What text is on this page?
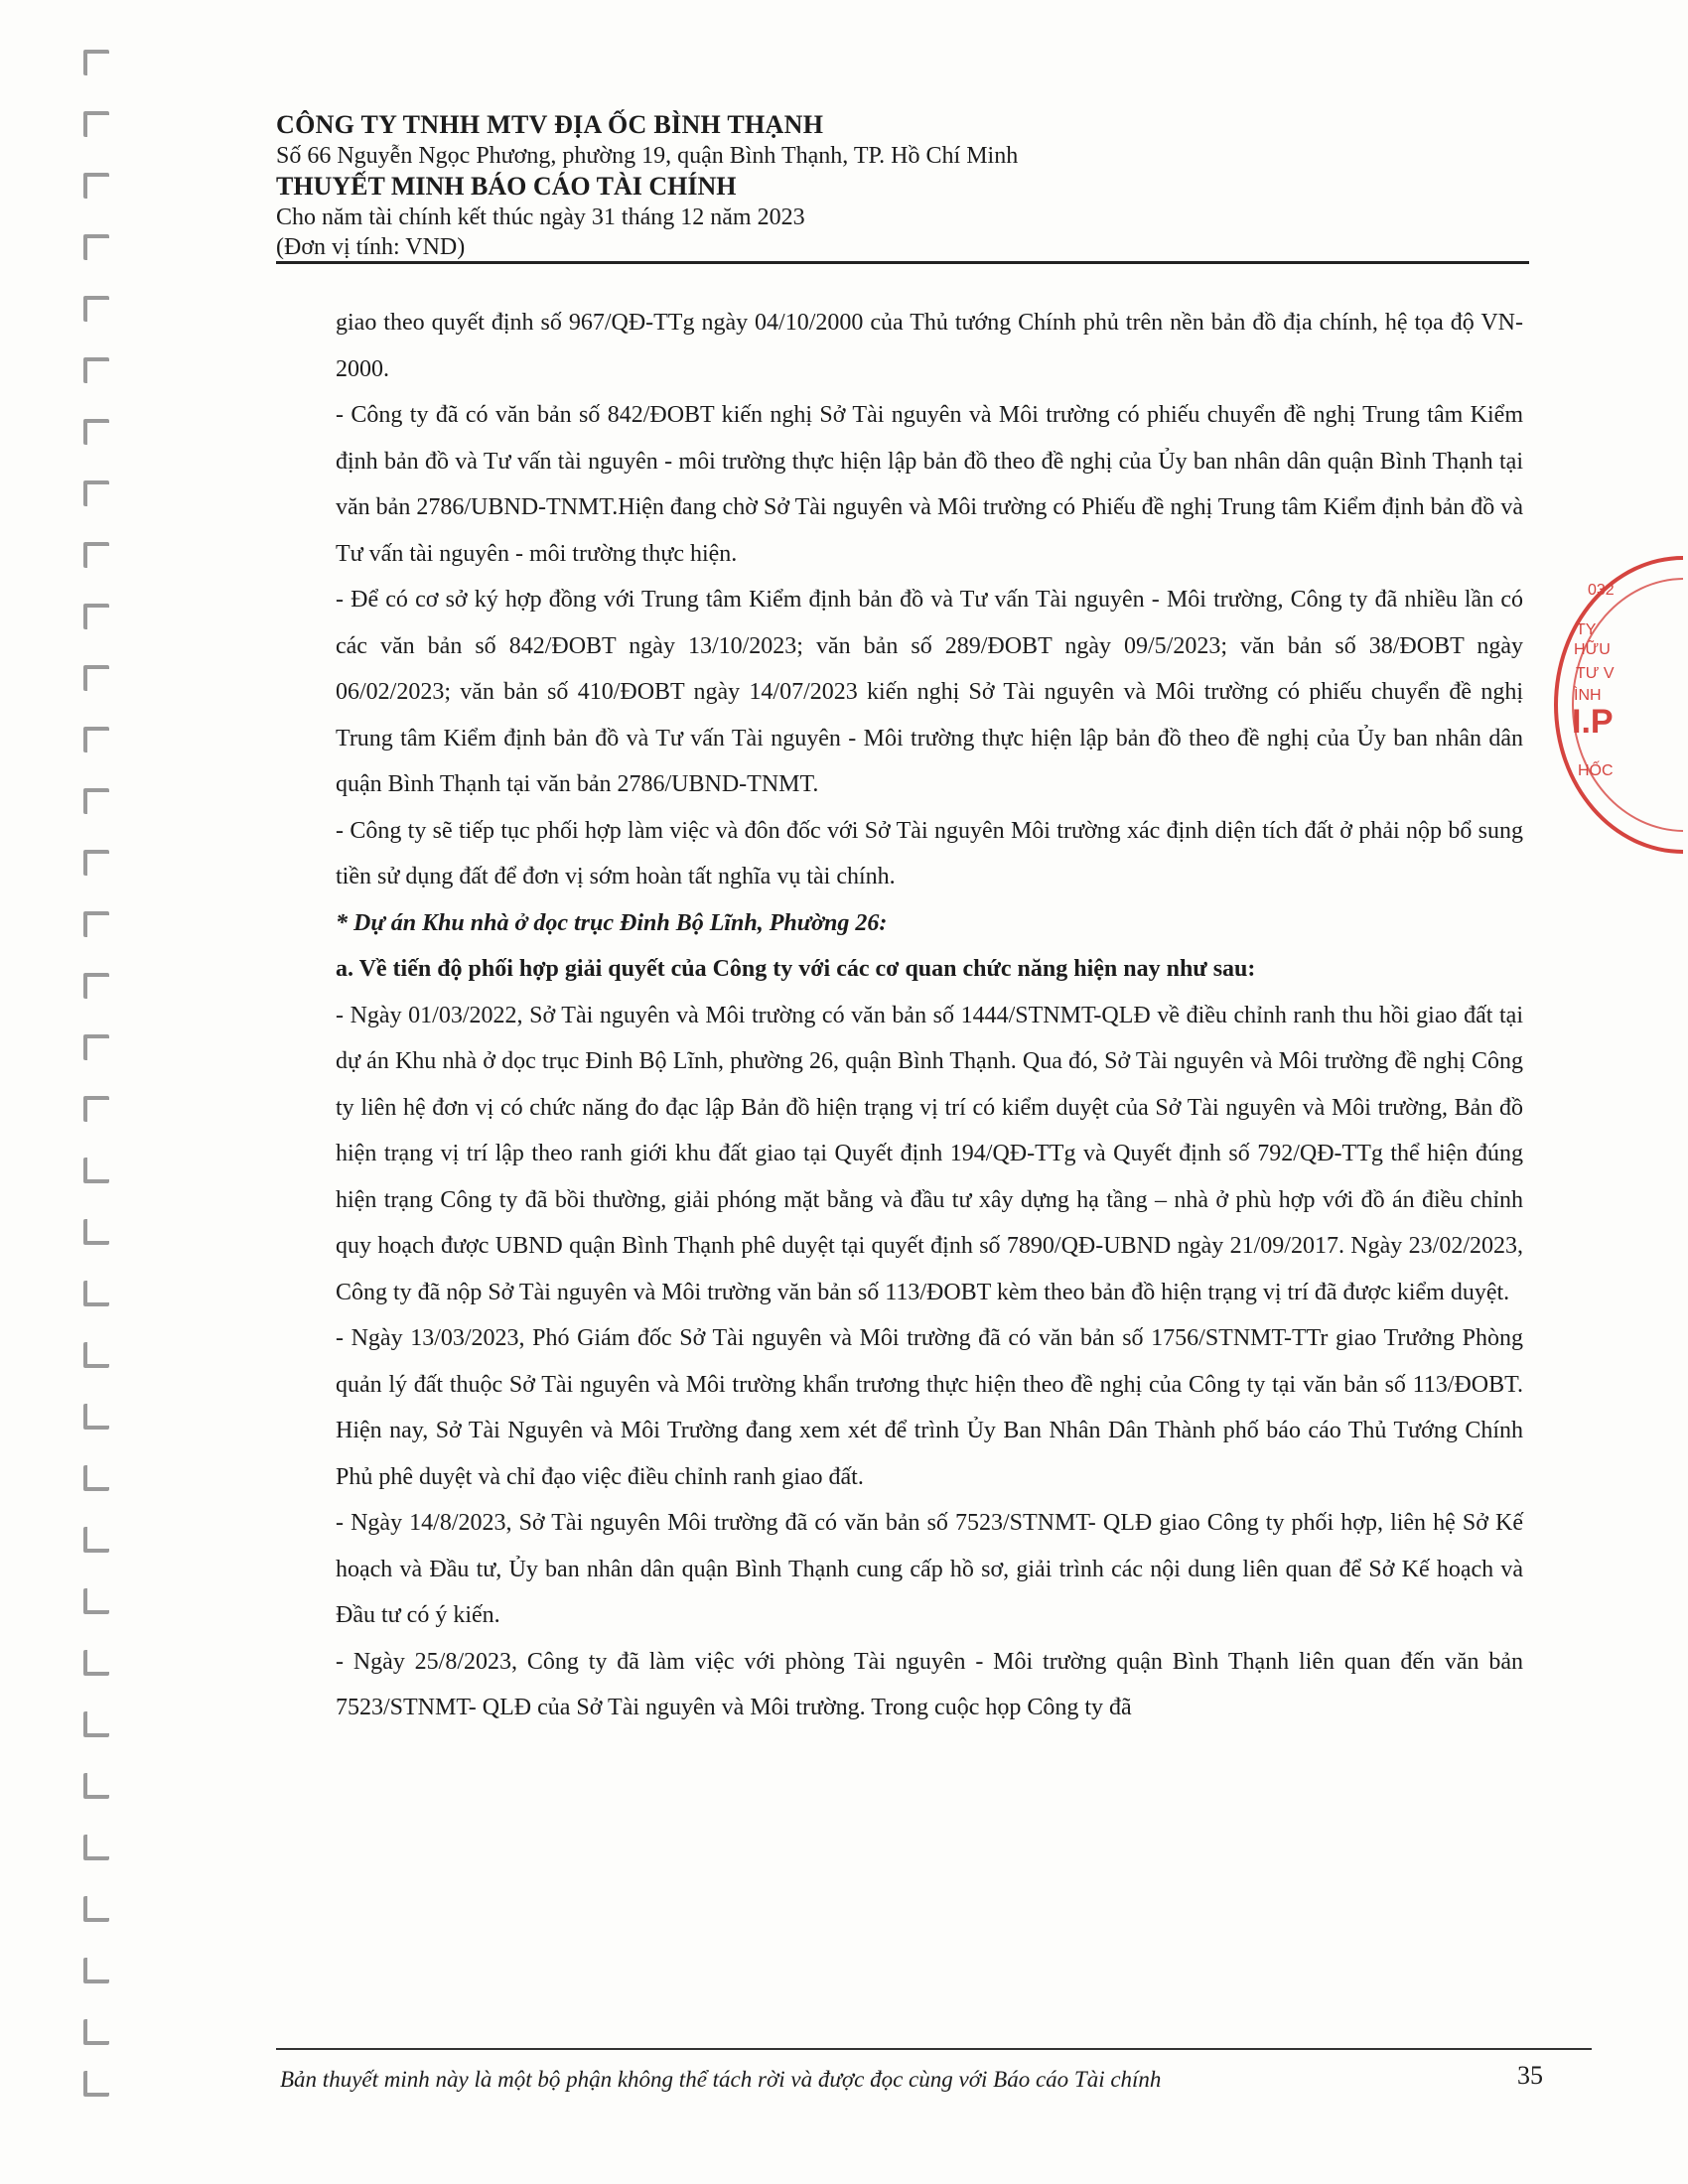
CÔNG TY TNHH MTV ĐỊA ỐC BÌNH THẠNH
Số 66 Nguyễn Ngọc Phương, phường 19, quận Bình Thạnh, TP. Hồ Chí Minh
THUYẾT MINH BÁO CÁO TÀI CHÍNH
Cho năm tài chính kết thúc ngày 31 tháng 12 năm 2023
(Đơn vị tính: VND)

giao theo quyết định số 967/QĐ-TTg ngày 04/10/2000 của Thủ tướng Chính phủ trên nền bản đồ địa chính, hệ tọa độ VN-2000.

- Công ty đã có văn bản số 842/ĐOBT kiến nghị Sở Tài nguyên và Môi trường có phiếu chuyển đề nghị Trung tâm Kiểm định bản đồ và Tư vấn tài nguyên - môi trường thực hiện lập bản đồ theo đề nghị của Ủy ban nhân dân quận Bình Thạnh tại văn bản 2786/UBND-TNMT.Hiện đang chờ Sở Tài nguyên và Môi trường có Phiếu đề nghị Trung tâm Kiểm định bản đồ và Tư vấn tài nguyên - môi trường thực hiện.

- Để có cơ sở ký hợp đồng với Trung tâm Kiểm định bản đồ và Tư vấn Tài nguyên - Môi trường, Công ty đã nhiều lần có các văn bản số 842/ĐOBT ngày 13/10/2023; văn bản số 289/ĐOBT ngày 09/5/2023; văn bản số 38/ĐOBT ngày 06/02/2023; văn bản số 410/ĐOBT ngày 14/07/2023 kiến nghị Sở Tài nguyên và Môi trường có phiếu chuyển đề nghị Trung tâm Kiểm định bản đồ và Tư vấn Tài nguyên - Môi trường thực hiện lập bản đồ theo đề nghị của Ủy ban nhân dân quận Bình Thạnh tại văn bản 2786/UBND-TNMT.

- Công ty sẽ tiếp tục phối hợp làm việc và đôn đốc với Sở Tài nguyên Môi trường xác định diện tích đất ở phải nộp bổ sung tiền sử dụng đất để đơn vị sớm hoàn tất nghĩa vụ tài chính.

* Dự án Khu nhà ở dọc trục Đinh Bộ Lĩnh, Phường 26:

a. Về tiến độ phối hợp giải quyết của Công ty với các cơ quan chức năng hiện nay như sau:

- Ngày 01/03/2022, Sở Tài nguyên và Môi trường có văn bản số 1444/STNMT-QLĐ về điều chỉnh ranh thu hồi giao đất tại dự án Khu nhà ở dọc trục Đinh Bộ Lĩnh, phường 26, quận Bình Thạnh. Qua đó, Sở Tài nguyên và Môi trường đề nghị Công ty liên hệ đơn vị có chức năng đo đạc lập Bản đồ hiện trạng vị trí có kiểm duyệt của Sở Tài nguyên và Môi trường, Bản đồ hiện trạng vị trí lập theo ranh giới khu đất giao tại Quyết định 194/QĐ-TTg và Quyết định số 792/QĐ-TTg thể hiện đúng hiện trạng Công ty đã bồi thường, giải phóng mặt bằng và đầu tư xây dựng hạ tầng – nhà ở phù hợp với đồ án điều chỉnh quy hoạch được UBND quận Bình Thạnh phê duyệt tại quyết định số 7890/QĐ-UBND ngày 21/09/2017. Ngày 23/02/2023, Công ty đã nộp Sở Tài nguyên và Môi trường văn bản số 113/ĐOBT kèm theo bản đồ hiện trạng vị trí đã được kiểm duyệt.

- Ngày 13/03/2023, Phó Giám đốc Sở Tài nguyên và Môi trường đã có văn bản số 1756/STNMT-TTr giao Trưởng Phòng quản lý đất thuộc Sở Tài nguyên và Môi trường khẩn trương thực hiện theo đề nghị của Công ty tại văn bản số 113/ĐOBT. Hiện nay, Sở Tài Nguyên và Môi Trường đang xem xét để trình Ủy Ban Nhân Dân Thành phố báo cáo Thủ Tướng Chính Phủ phê duyệt và chỉ đạo việc điều chỉnh ranh giao đất.

- Ngày 14/8/2023, Sở Tài nguyên Môi trường đã có văn bản số 7523/STNMT- QLĐ giao Công ty phối hợp, liên hệ Sở Kế hoạch và Đầu tư, Ủy ban nhân dân quận Bình Thạnh cung cấp hồ sơ, giải trình các nội dung liên quan để Sở Kế hoạch và Đầu tư có ý kiến.

- Ngày 25/8/2023, Công ty đã làm việc với phòng Tài nguyên - Môi trường quận Bình Thạnh liên quan đến văn bản 7523/STNMT- QLĐ của Sở Tài nguyên và Môi trường. Trong cuộc họp Công ty đã

032
TY
HỮU
TƯ V
ÌNH
I.P
HỐC
Bản thuyết minh này là một bộ phận không thể tách rời và được đọc cùng với Báo cáo Tài chính	35
